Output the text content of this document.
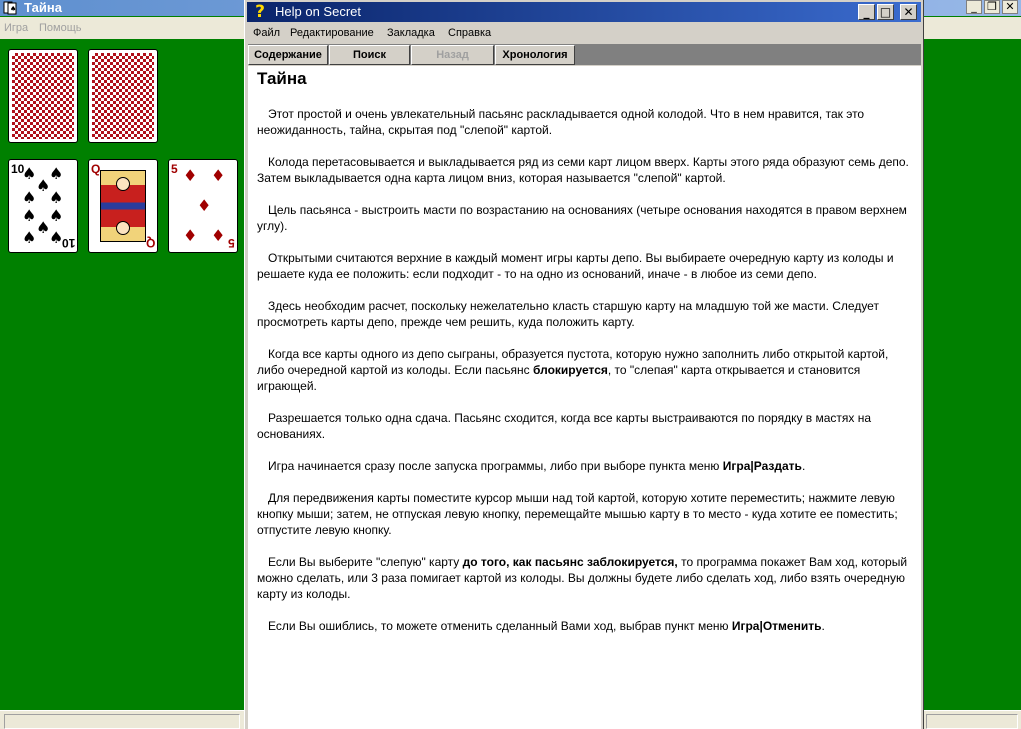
♠ Тайна	_ ❐ ✕
Игра Помощь
10
10
♠ ♠
♠
♠ ♠
♠ ♠
♠
♠ ♠
Q
Q
5
5
♦ ♦
♦
♦ ♦
? Help on Secret	_ □ ✕
Файл Редактирование Закладка Справка
Содержание	Поиск	Назад	Хронология
Тайна

Этот простой и очень увлекательный пасьянс раскладывается одной колодой. Что в нем нравится, так это неожиданность, тайна, скрытая под "слепой" картой.

Колода перетасовывается и выкладывается ряд из семи карт лицом вверх. Карты этого ряда образуют семь депо. Затем выкладывается одна карта лицом вниз, которая называется "слепой" картой.

Цель пасьянса - выстроить масти по возрастанию на основаниях (четыре основания находятся в правом верхнем углу).

Открытыми считаются верхние в каждый момент игры карты депо. Вы выбираете очередную карту из колоды и решаете куда ее положить: если подходит - то на одно из оснований, иначе - в любое из семи депо.

Здесь необходим расчет, поскольку нежелательно класть старшую карту на младшую той же масти. Следует просмотреть карты депо, прежде чем решить, куда положить карту.

Когда все карты одного из депо сыграны, образуется пустота, которую нужно заполнить либо открытой картой, либо очередной картой из колоды. Если пасьянс блокируется, то "слепая" карта открывается и становится играющей.

Разрешается только одна сдача. Пасьянс сходится, когда все карты выстраиваются по порядку в мастях на основаниях.

Игра начинается сразу после запуска программы, либо при выборе пункта меню Игра|Раздать.

Для передвижения карты поместите курсор мыши над той картой, которую хотите переместить; нажмите левую кнопку мыши; затем, не отпуская левую кнопку, перемещайте мышью карту в то место - куда хотите ее поместить; отпустите левую кнопку.

Если Вы выберите "слепую" карту до того, как пасьянс заблокируется, то программа покажет Вам ход, который можно сделать, или 3 раза помигает картой из колоды. Вы должны будете либо сделать ход, либо взять очередную карту из колоды.

Если Вы ошиблись, то можете отменить сделанный Вами ход, выбрав пункт меню Игра|Отменить.
